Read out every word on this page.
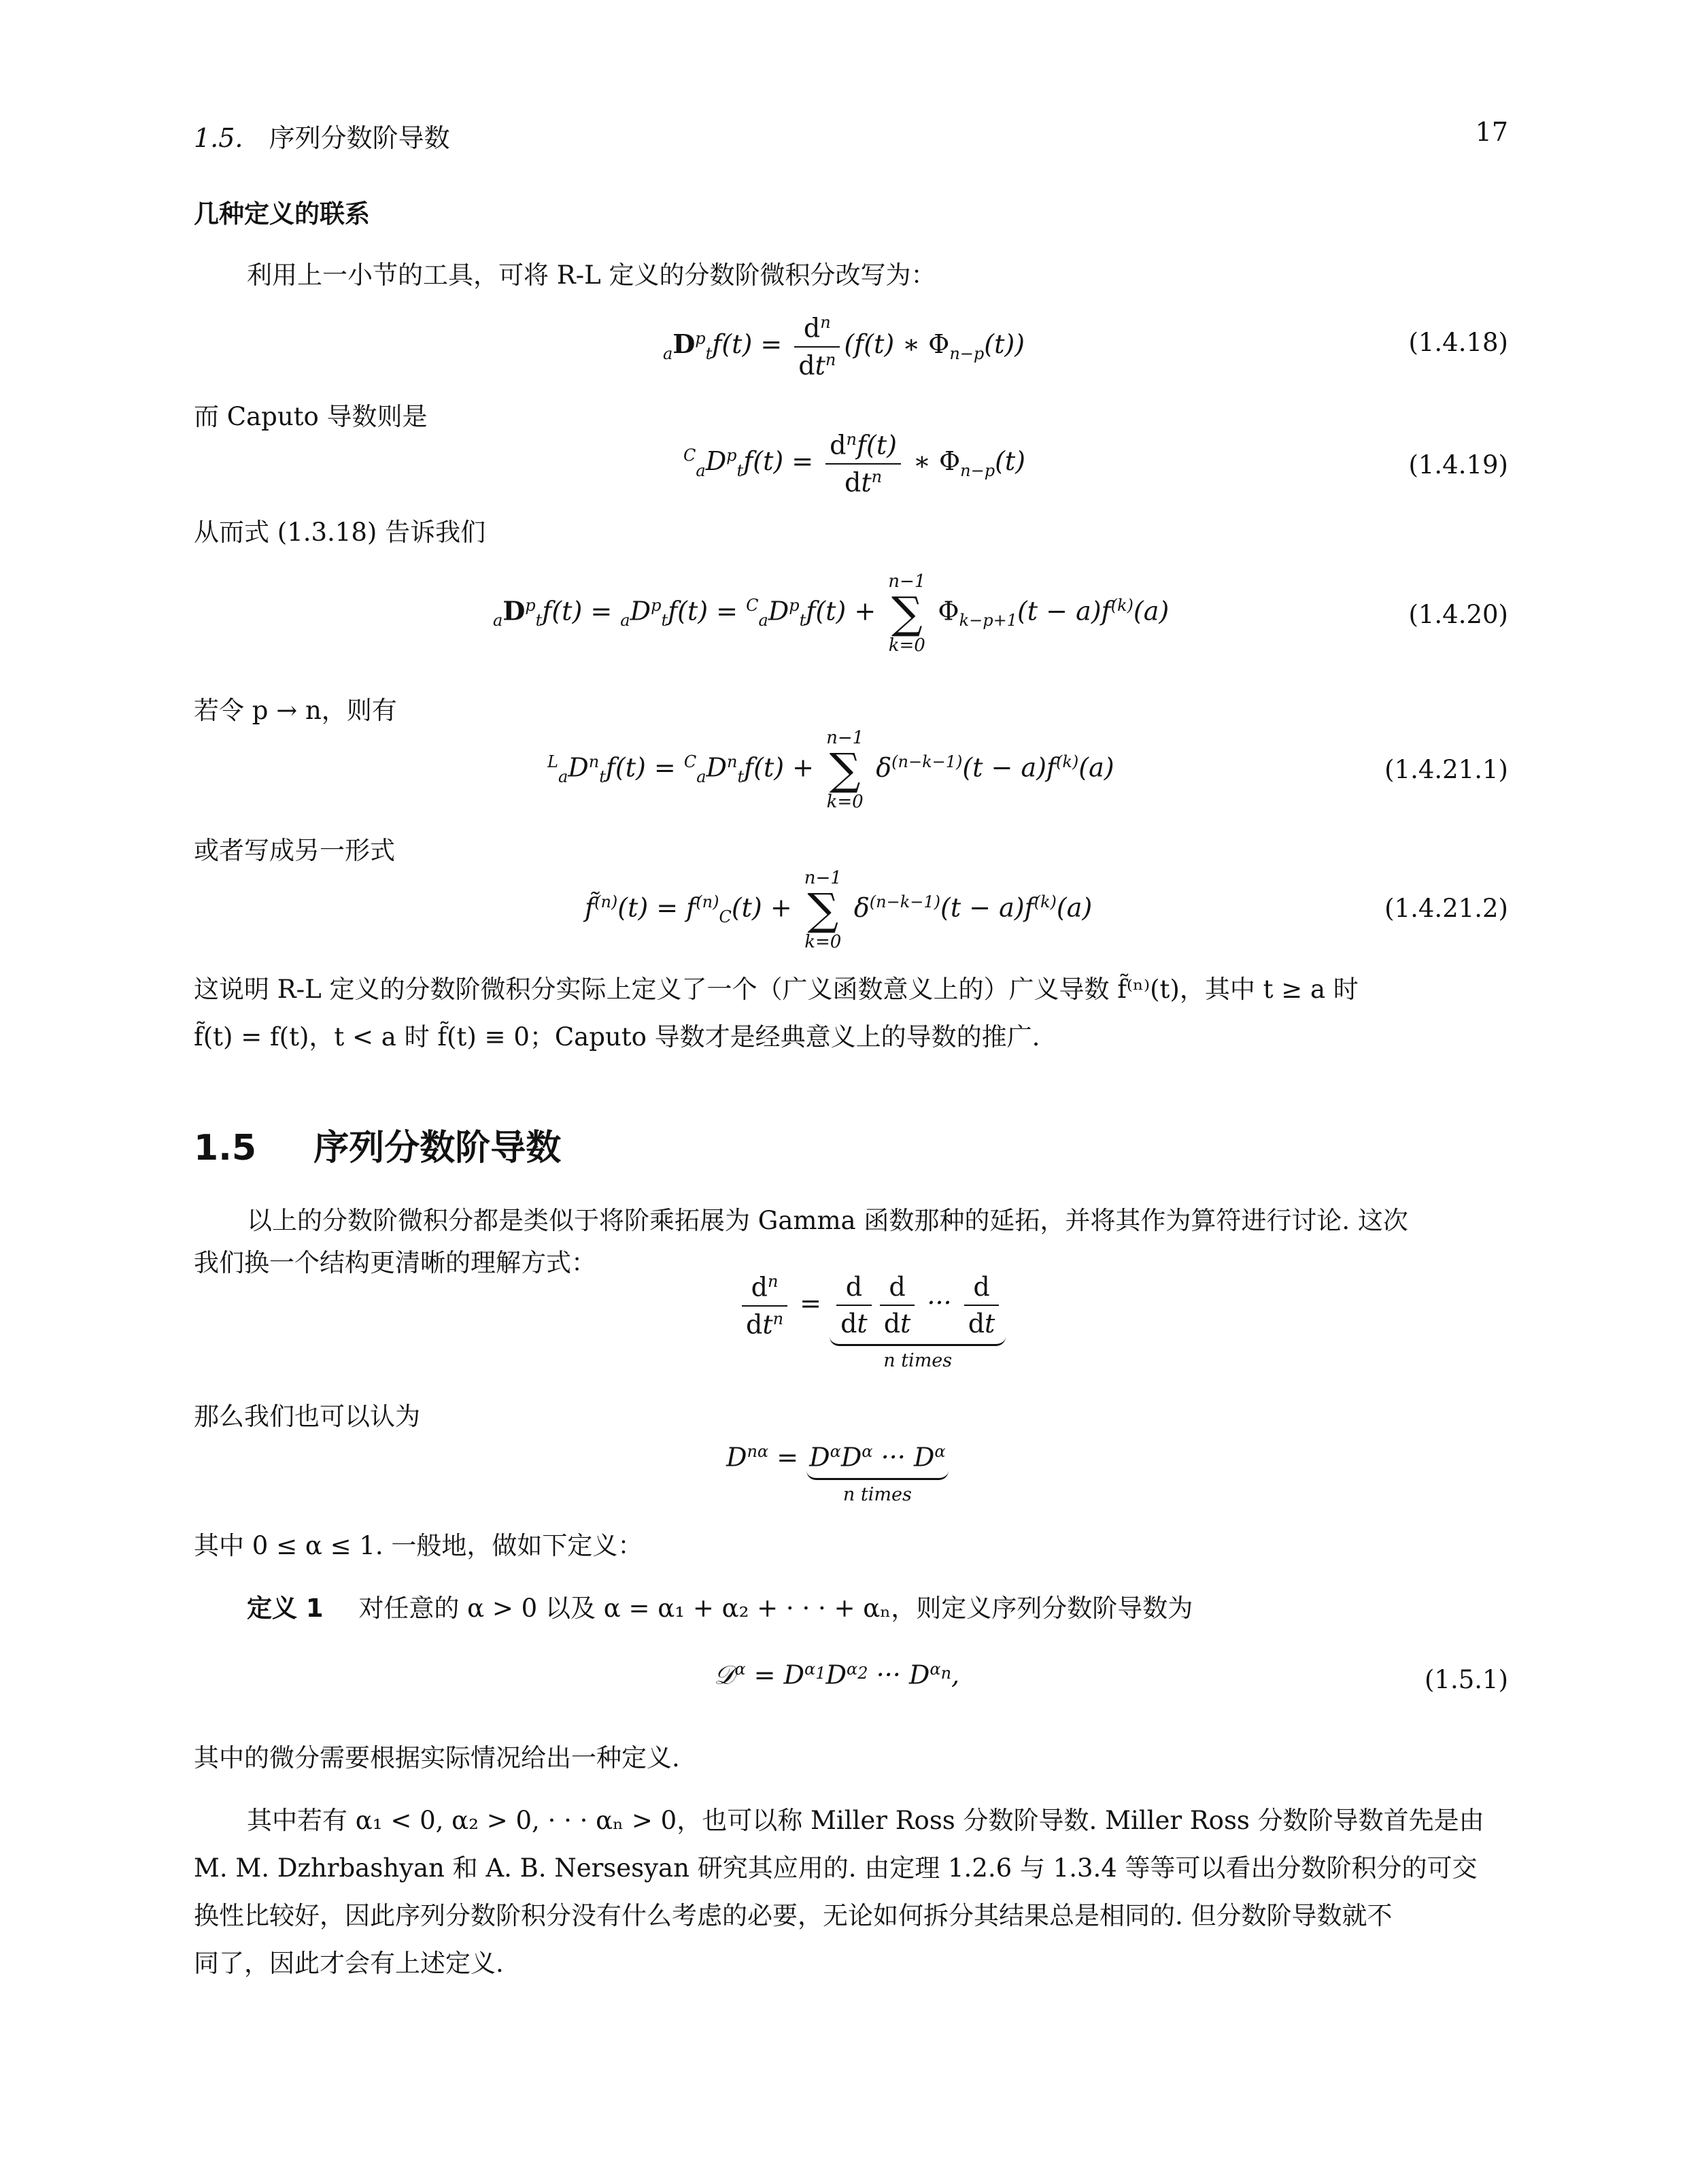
1.5. 序列分数阶导数	17
几种定义的联系
利用上一小节的工具，可将 R-L 定义的分数阶微积分改写为：
$_aD^p_tf(t) = \frac{d^n}{dt^n} (f(t)$ ∗ $\Phi_{n-p}(t)$)	(1.4.18)
而 Caputo 导数则是
$^C_aD^p_tf(t) = \frac{d^nf(t)}{dt^n}$ ∗ $\Phi_{n-p}(t)$	(1.4.19)
从而式 (1.3.18) 告诉我们
$_aD^p_tf(t) = _aD^p_tf(t) = ^C_aD^p_tf(t)$ +
n−1
∑
k=0
$\Phi_{k-p+1}(t - a)f^{(k)}(a)$	(1.4.20)
若令 p → n，则有
$^L_aD^n_tf(t) = ^C_aD^n_tf(t)$ +
n−1
∑
k=0
$\delta^{(n-k-1)}(t - a)f^{(k)}(a)$	(1.4.21.1)
或者写成另一形式
f̃$^{(n)}$(t) = $f^{(n)}_C(t)$ +
n−1
∑
k=0
$\delta^{(n-k-1)}(t - a)f^{(k)}(a)$	(1.4.21.2)
这说明 R-L 定义的分数阶微积分实际上定义了一个（广义函数意义上的）广义导数 f̃⁽ⁿ⁾(t)，其中 t ≥ a 时
f̃(t) = f(t)，t < a 时 f̃(t) ≡ 0；Caputo 导数才是经典意义上的导数的推广.
1.5 序列分数阶导数
以上的分数阶微积分都是类似于将阶乘拓展为 Gamma 函数那种的延拓，并将其作为算符进行讨论. 这次
我们换一个结构更清晰的理解方式：
$\frac{d^n}{dt^n} = \frac{d}{dt} \frac{d}{dt}$ ··· $\frac{d}{dt}$
n times
那么我们也可以认为
$D^{n\alpha} = D^\alpha D^\alpha$ ··· $D^\alpha$
n times
其中 0 ≤ α ≤ 1. 一般地，做如下定义：
定义 1 对任意的 α > 0 以及 α = α₁ + α₂ + · · · + αₙ，则定义序列分数阶导数为
𝒟$^\alpha$ = $D^{\alpha_1}D^{\alpha_2}$ ··· $D^{\alpha_n}$,	(1.5.1)
其中的微分需要根据实际情况给出一种定义.
其中若有 α₁ < 0, α₂ > 0, · · · αₙ > 0，也可以称 Miller Ross 分数阶导数. Miller Ross 分数阶导数首先是由
M. M. Dzhrbashyan 和 A. B. Nersesyan 研究其应用的. 由定理 1.2.6 与 1.3.4 等等可以看出分数阶积分的可交
换性比较好，因此序列分数阶积分没有什么考虑的必要，无论如何拆分其结果总是相同的. 但分数阶导数就不
同了，因此才会有上述定义.
